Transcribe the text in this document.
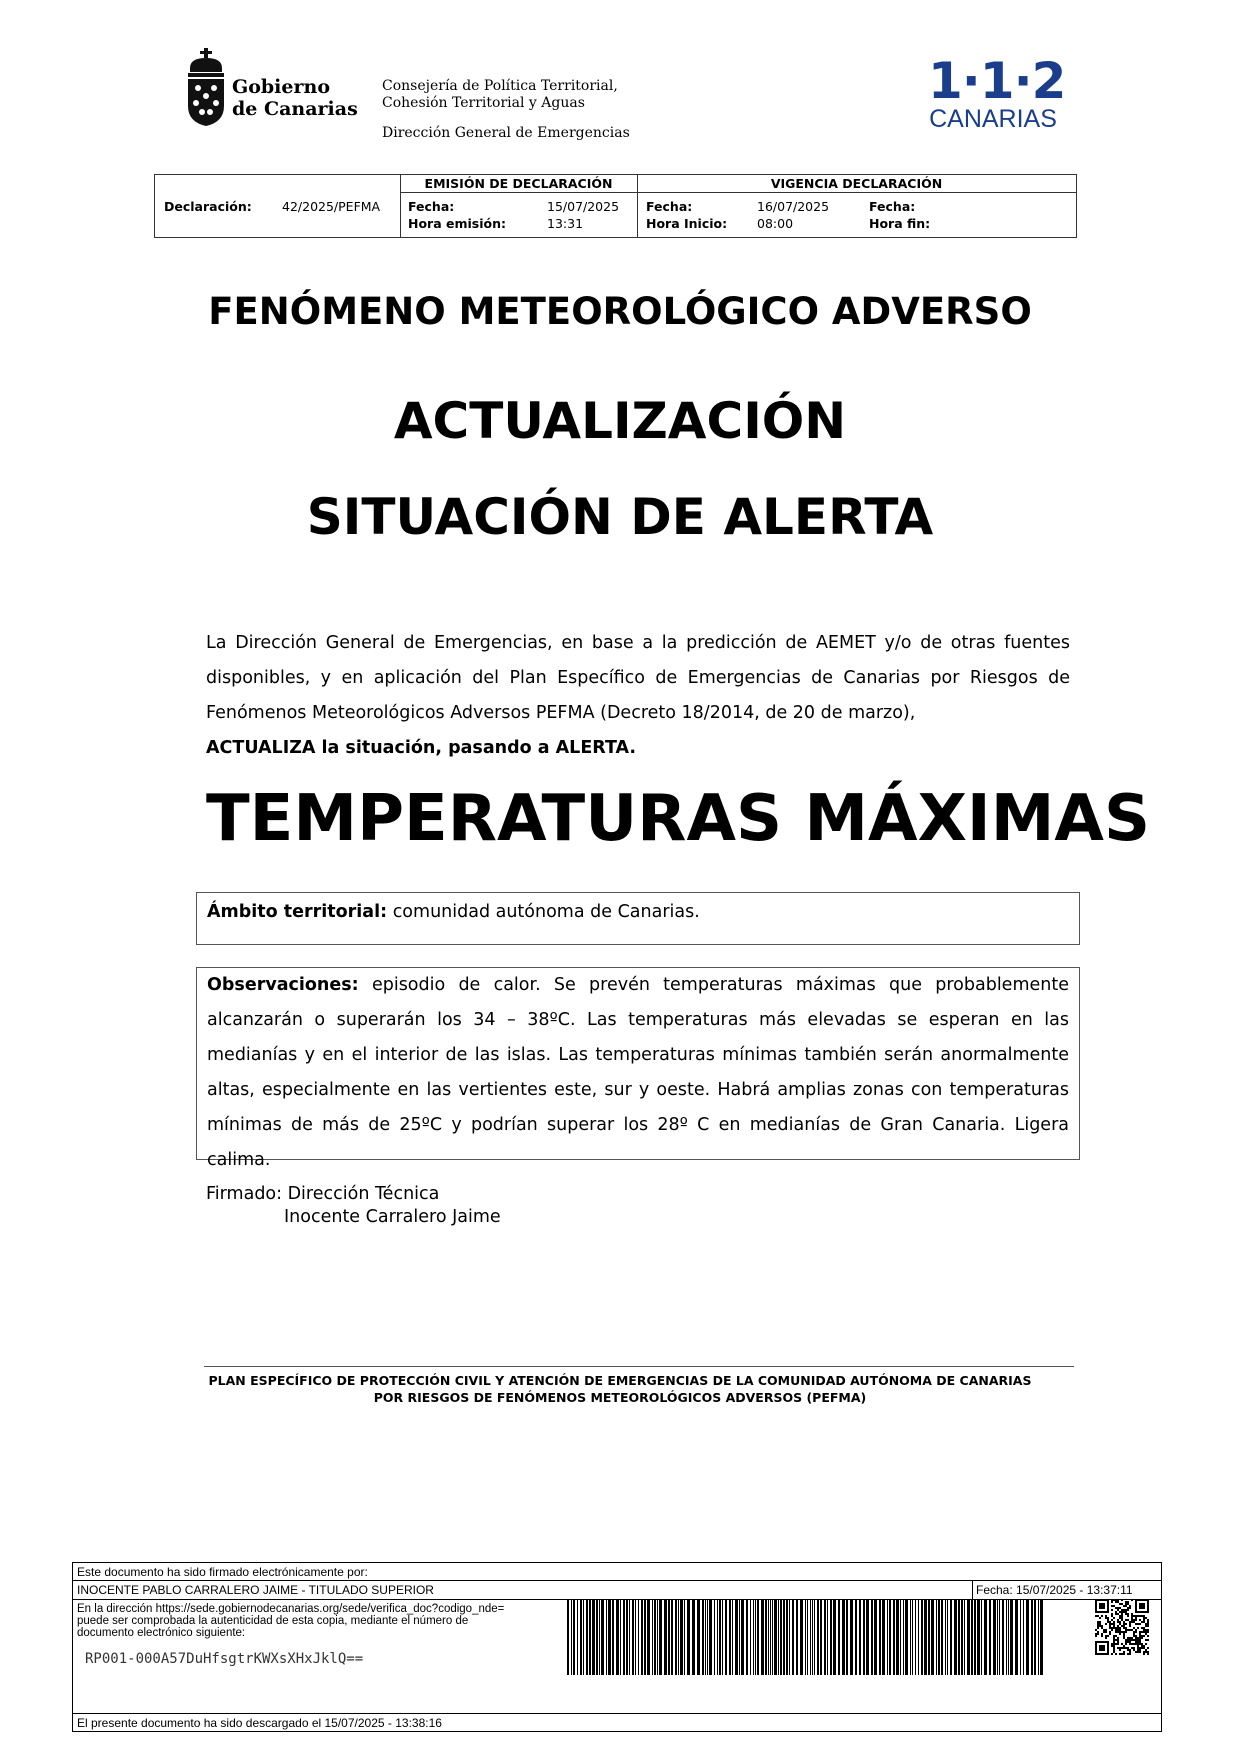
Gobierno
de Canarias
Consejería de Política Territorial,
Cohesión Territorial y Aguas
Dirección General de Emergencias
1·1·2
CANARIAS
Declaración: 42/2025/PEFMA
EMISIÓN DE DECLARACIÓN
Fecha:	15/07/2025
Hora emisión:	13:31
VIGENCIA DECLARACIÓN
Fecha:	16/07/2025
Hora Inicio: 08:00
Fecha:
Hora fin:
FENÓMENO METEOROLÓGICO ADVERSO
ACTUALIZACIÓN
SITUACIÓN DE ALERTA
La Dirección General de Emergencias, en base a la predicción de AEMET y/o de otras fuentes disponibles, y en aplicación del Plan Específico de Emergencias de Canarias por Riesgos de Fenómenos Meteorológicos Adversos PEFMA (Decreto 18/2014, de 20 de marzo),
ACTUALIZA la situación, pasando a ALERTA.
TEMPERATURAS MÁXIMAS
Ámbito territorial: comunidad autónoma de Canarias.
Observaciones: episodio de calor. Se prevén temperaturas máximas que probablemente alcanzarán o superarán los 34 – 38ºC. Las temperaturas más elevadas se esperan en las medianías y en el interior de las islas. Las temperaturas mínimas también serán anormalmente altas, especialmente en las vertientes este, sur y oeste. Habrá amplias zonas con temperaturas mínimas de más de 25ºC y podrían superar los 28º C en medianías de Gran Canaria. Ligera calima.
Firmado: Dirección Técnica
Inocente Carralero Jaime
PLAN ESPECÍFICO DE PROTECCIÓN CIVIL Y ATENCIÓN DE EMERGENCIAS DE LA COMUNIDAD AUTÓNOMA DE CANARIAS
POR RIESGOS DE FENÓMENOS METEOROLÓGICOS ADVERSOS (PEFMA)
Este documento ha sido firmado electrónicamente por:
INOCENTE PABLO CARRALERO JAIME - TITULADO SUPERIOR	Fecha: 15/07/2025 - 13:37:11
En la dirección https://sede.gobiernodecanarias.org/sede/verifica_doc?codigo_nde=
puede ser comprobada la autenticidad de esta copia, mediante el número de
documento electrónico siguiente:
RP001-000A57DuHfsgtrKWXsXHxJklQ==
El presente documento ha sido descargado el 15/07/2025 - 13:38:16
